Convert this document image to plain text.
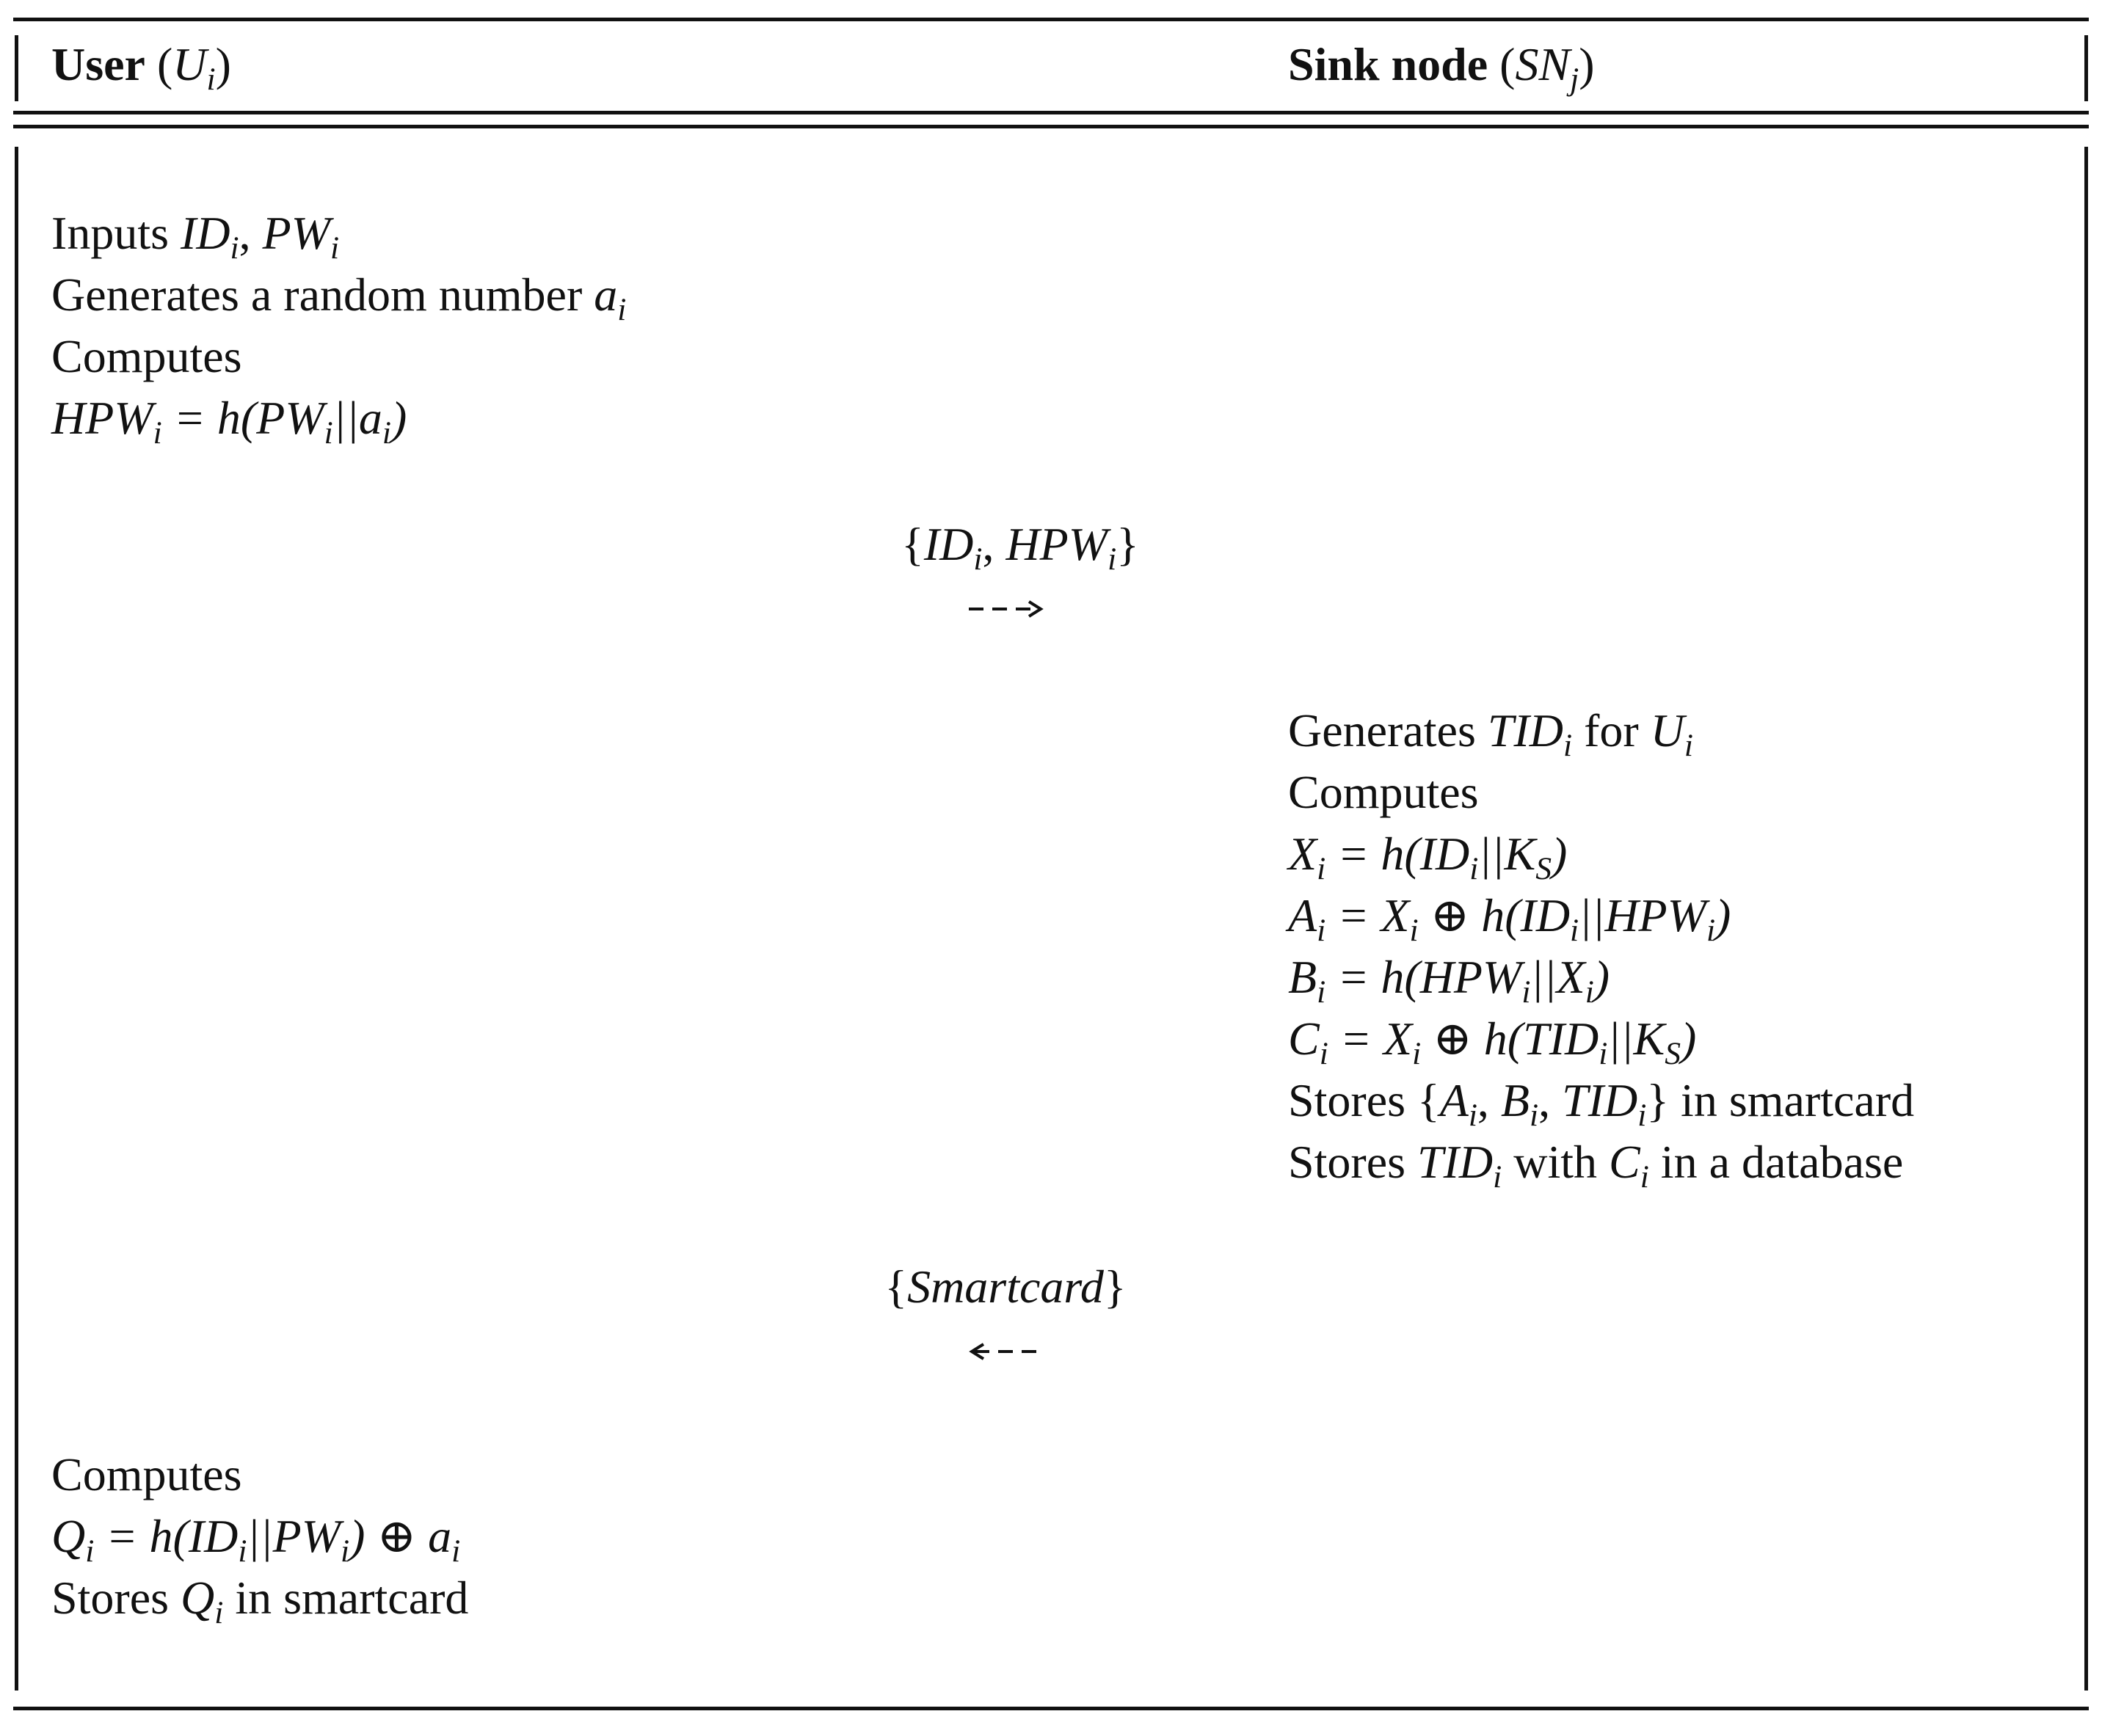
User $(U_i)$	Sink node $(SN_j)$
Inputs $ID_i$, $PW_i$
Generates a random number $a_i$
Computes
$HPW_i = h(PW_i||a_i)$
{$ID_i$, $HPW_i$}
Generates $TID_i$ for $U_i$
Computes
$X_i = h(ID_i||K_S)$
$A_i = X_i$ ⊕ $h(ID_i||HPW_i)$
$B_i = h(HPW_i||X_i)$
$C_i = X_i$ ⊕ $h(TID_i||K_S)$
Stores {$A_i$, $B_i$, $TID_i$} in smartcard
Stores $TID_i$ with $C_i$ in a database
{Smartcard}
Computes
$Q_i = h(ID_i||PW_i)$ ⊕ $a_i$
Stores $Q_i$ in smartcard
